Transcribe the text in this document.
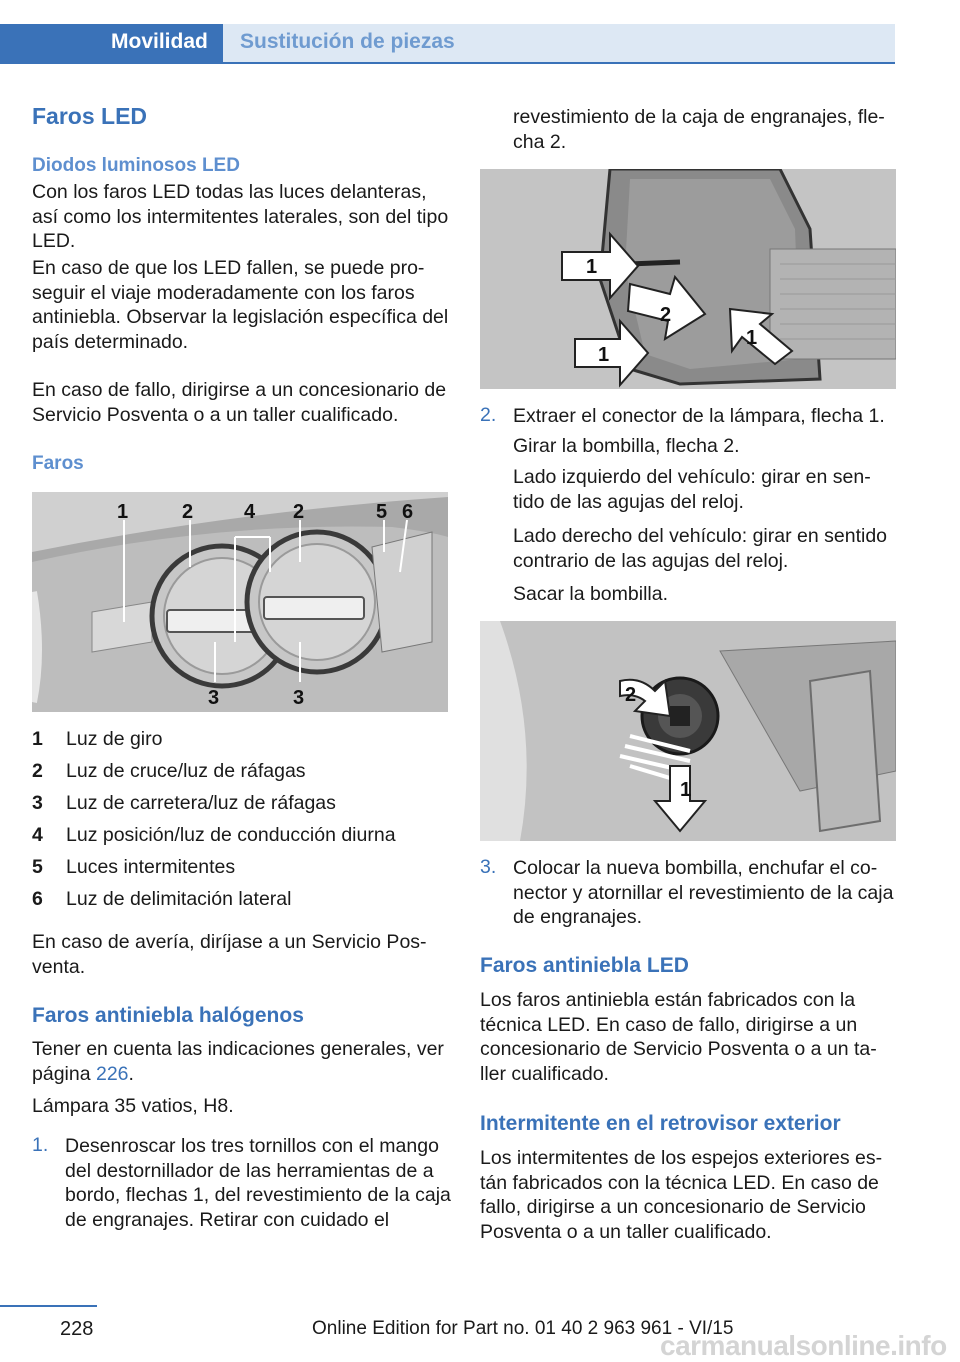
Movilidad	Sustitución de piezas
Faros LED
Diodos luminosos LED
Con los faros LED todas las luces delanteras, así como los intermitentes laterales, son del tipo LED.
En caso de que los LED fallen, se puede pro‐ seguir el viaje moderadamente con los faros antiniebla. Observar la legislación específica del país determinado.
En caso de fallo, dirigirse a un concesionario de Servicio Posventa o a un taller cualificado.
Faros
1	2	4 2	5 6
3	3
1 Luz de giro
2 Luz de cruce/luz de ráfagas
3 Luz de carretera/luz de ráfagas
4 Luz posición/luz de conducción diurna
5 Luces intermitentes
6 Luz de delimitación lateral
En caso de avería, diríjase a un Servicio Pos‐ venta.
Faros antiniebla halógenos
Tener en cuenta las indicaciones generales, ver página 226.
Lámpara 35 vatios, H8.
1. Desenroscar los tres tornillos con el mango del destornillador de las herramientas de a bordo, flechas 1, del revestimiento de la caja de engranajes. Retirar con cuidado el
revestimiento de la caja de engranajes, fle‐ cha 2.
1
2
1
1
2. Extraer el conector de la lámpara, flecha 1.
Girar la bombilla, flecha 2.
Lado izquierdo del vehículo: girar en sen‐ tido de las agujas del reloj.
Lado derecho del vehículo: girar en sentido contrario de las agujas del reloj.
Sacar la bombilla.
2
1
3. Colocar la nueva bombilla, enchufar el co‐ nector y atornillar el revestimiento de la caja de engranajes.
Faros antiniebla LED
Los faros antiniebla están fabricados con la técnica LED. En caso de fallo, dirigirse a un concesionario de Servicio Posventa o a un ta‐ ller cualificado.
Intermitente en el retrovisor exterior
Los intermitentes de los espejos exteriores es‐ tán fabricados con la técnica LED. En caso de fallo, dirigirse a un concesionario de Servicio Posventa o a un taller cualificado.
228	Online Edition for Part no. 01 40 2 963 961 - VI/15
carmanualsonline.info
